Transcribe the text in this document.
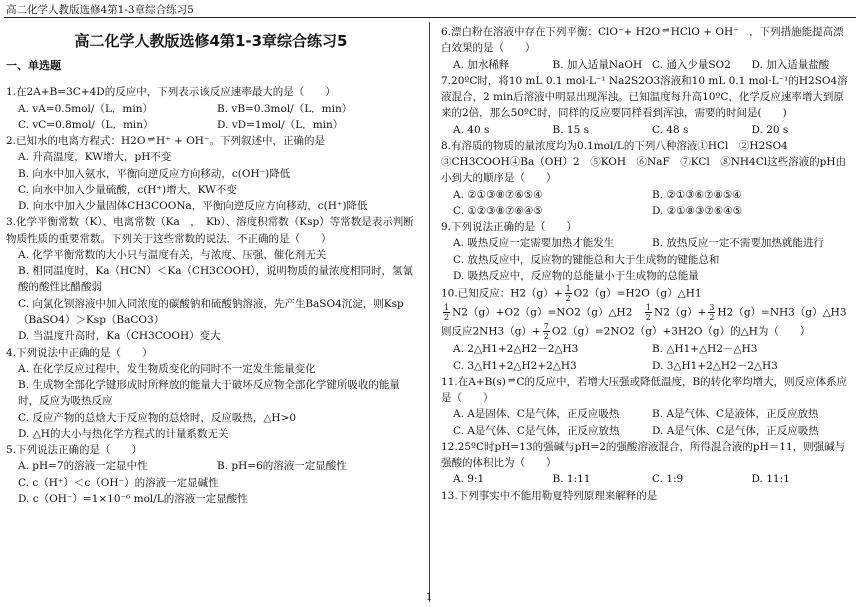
高二化学人教版选修4第1-3章综合练习5
1
高二化学人教版选修4第1-3章综合练习5
一、单选题

1.在2A+B=3C+4D的反应中，下列表示该反应速率最大的是（　　）

A. vA=0.5mol/（L．min）	B. vB=0.3mol/（L．min）
C. vC=0.8mol/（L．min）	D. vD=1mol/（L．min）

2.已知水的电离方程式：H2O ⇌ H⁺ + OH⁻。下列叙述中，正确的是

A. 升高温度，KW增大，pH不变

B. 向水中加入氨水，平衡向逆反应方向移动，c(OH⁻)降低

C. 向水中加入少量硫酸，c(H⁺)增大，KW不变

D. 向水中加入少量固体CH3COONa，平衡向逆反应方向移动，c(H⁺)降低

3.化学平衡常数（K）、电离常数（Ka　，　Kb）、溶度积常数（Ksp）等常数是表示判断物质性质的重要常数。下列关于这些常数的说法．不正确的是（　　）

A. 化学平衡常数的大小只与温度有关，与浓度、压强、催化剂无关

B. 相同温度时，Ka（HCN）＜Ka（CH3COOH），说明物质的量浓度相同时，氢氰酸的酸性比醋酸弱

C. 向氯化钡溶液中加入同浓度的碳酸钠和硫酸钠溶液，先产生BaSO4沉淀，则Ksp（BaSO4）＞Ksp（BaCO3）

D. 当温度升高时，Ka（CH3COOH）变大

4.下列说法中正确的是（　　）

A. 在化学反应过程中，发生物质变化的同时不一定发生能量变化

B. 生成物全部化学键形成时所释放的能量大于破坏反应物全部化学键所吸收的能量时，反应为吸热反应

C. 反应产物的总焓大于反应物的总焓时，反应吸热，△H>0

D. △H的大小与热化学方程式的计量系数无关

5.下列说法正确的是（　　）

A. pH=7的溶液一定显中性	B. pH=6的溶液一定显酸性

C. c（H⁺）＜c（OH⁻）的溶液一定显碱性

D. c（OH⁻）=1×10⁻⁶ mol/L的溶液一定显酸性

6.漂白粉在溶液中存在下列平衡：ClO⁻+ H2O ⇌ HClO + OH⁻　，下列措施能提高漂白效果的是（　　）

A. 加水稀释	B. 加入适量NaOH C. 通入少量SO2	D. 加入适量盐酸

7.20ºC时，将10 mL 0.1 mol·L⁻¹ Na2S2O3溶液和10 mL 0.1 mol·L⁻¹的H2SO4溶液混合，2 min后溶液中明显出现浑浊。已知温度每升高10ºC，化学反应速率增大到原来的2倍，那么50ºC时，同样的反应要同样看到浑浊，需要的时间是(　　)

A. 40 s	B. 15 s	C. 48 s	D. 20 s

8.有溶质的物质的量浓度均为0.1mol/L的下列八种溶液①HCl　②H2SO4　③CH3COOH④Ba（OH）2　⑤KOH　⑥NaF　⑦KCl　⑧NH4Cl这些溶液的pH由小到大的顺序是（　　）

A. ②①③⑧⑦⑥⑤④	B. ②①③⑥⑦⑧⑤④
C. ①②③⑧⑦⑥④⑤	D. ②①⑧③⑦⑥④⑤

9.下列说法正确的是（　　）

A. 吸热反应一定需要加热才能发生	B. 放热反应一定不需要加热就能进行

C. 放热反应中，反应物的键能总和大于生成物的键能总和

D. 吸热反应中，反应物的总能量小于生成物的总能量

10.已知反应：$H2(g)+ \frac{1}{2}$ O2（g）=H2O（g）△H1

$\frac{1}{2}$ N2（g）+O2（g）=NO2（g）△H2　 $\frac{1}{2} N2(g)+ \frac{3}{2}$ H2（g）=NH3（g）△H3

则反应$2NH3(g)+ \frac{7}{2} O2(g)=2NO2(g)+3H2O(g)$的△H为（　　）

A. 2△H1+2△H2－2△H3	B. △H1+△H2－△H3
C. 3△H1+2△H2+2△H3	D. 3△H1+2△H2－2△H3

11.在A+B(s) ⇌ C的反应中，若增大压强或降低温度，B的转化率均增大，则反应体系应是（　　）

A. A是固体、C是气体，正反应吸热	B. A是气体、C是液体，正反应放热
C. A是气体、C是气体，正反应放热	D. A是气体、C是气体，正反应吸热

12.25ºC时pH=13的强碱与pH=2的强酸溶液混合，所得混合液的pH＝11，则强碱与强酸的体积比为（　　）

A. 9:1	B. 1:11	C. 1:9	D. 11:1

13.下列事实中不能用勒夏特列原理来解释的是
